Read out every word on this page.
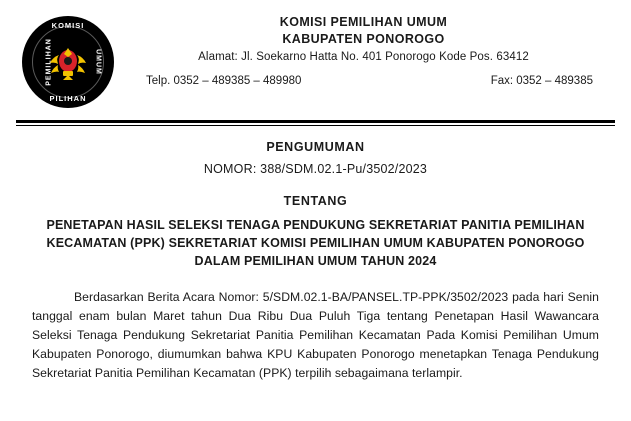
KOMISI
PILIHAN
PEMILIHAN	UMUM
KOMISI PEMILIHAN UMUM
KABUPATEN PONOROGO
Alamat: Jl. Soekarno Hatta No. 401 Ponorogo Kode Pos. 63412
Telp. 0352 – 489385 – 489980	Fax: 0352 – 489385
PENGUMUMAN
NOMOR: 388/SDM.02.1-Pu/3502/2023
TENTANG
PENETAPAN HASIL SELEKSI TENAGA PENDUKUNG SEKRETARIAT PANITIA PEMILIHAN KECAMATAN (PPK) SEKRETARIAT KOMISI PEMILIHAN UMUM KABUPATEN PONOROGO DALAM PEMILIHAN UMUM TAHUN 2024
Berdasarkan Berita Acara Nomor: 5/SDM.02.1-BA/PANSEL.TP-PPK/3502/2023 pada hari Senin tanggal enam bulan Maret tahun Dua Ribu Dua Puluh Tiga tentang Penetapan Hasil Wawancara Seleksi Tenaga Pendukung Sekretariat Panitia Pemilihan Kecamatan Pada Komisi Pemilihan Umum Kabupaten Ponorogo, diumumkan bahwa KPU Kabupaten Ponorogo menetapkan Tenaga Pendukung Sekretariat Panitia Pemilihan Kecamatan (PPK) terpilih sebagaimana terlampir.
